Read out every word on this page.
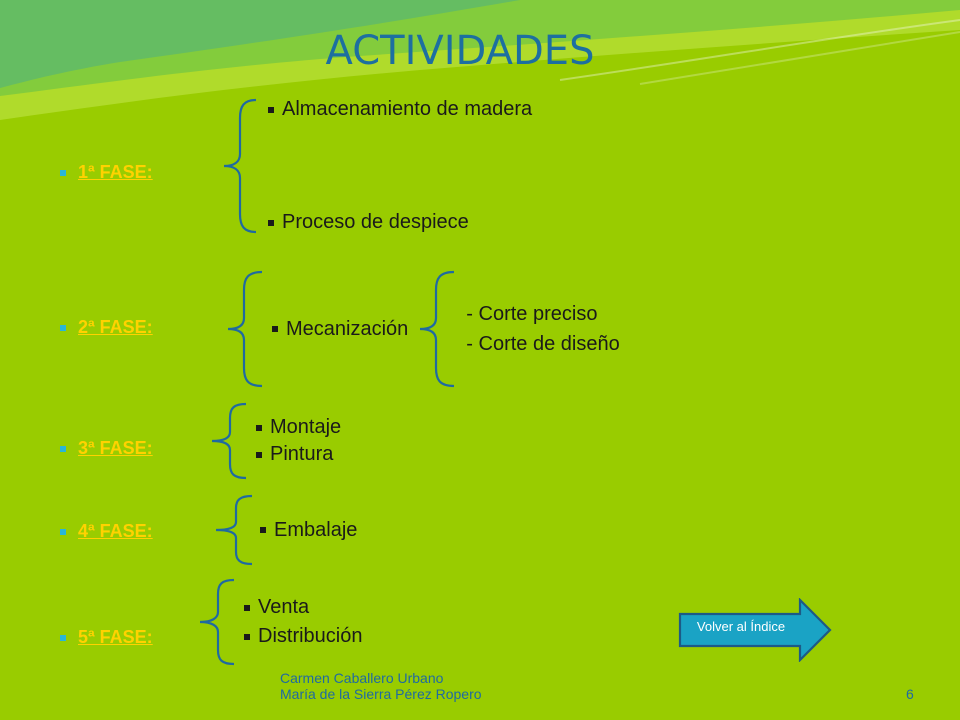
ACTIVIDADES
1ª FASE:
2ª FASE:
3ª FASE:
4ª FASE:
5ª FASE:
Almacenamiento de madera
Proceso de despiece
Mecanización
- Corte preciso
- Corte de diseño
Montaje
Pintura
Embalaje
Venta
Distribución	Volver al Índice
Carmen Caballero Urbano
María de la Sierra Pérez Ropero	6
